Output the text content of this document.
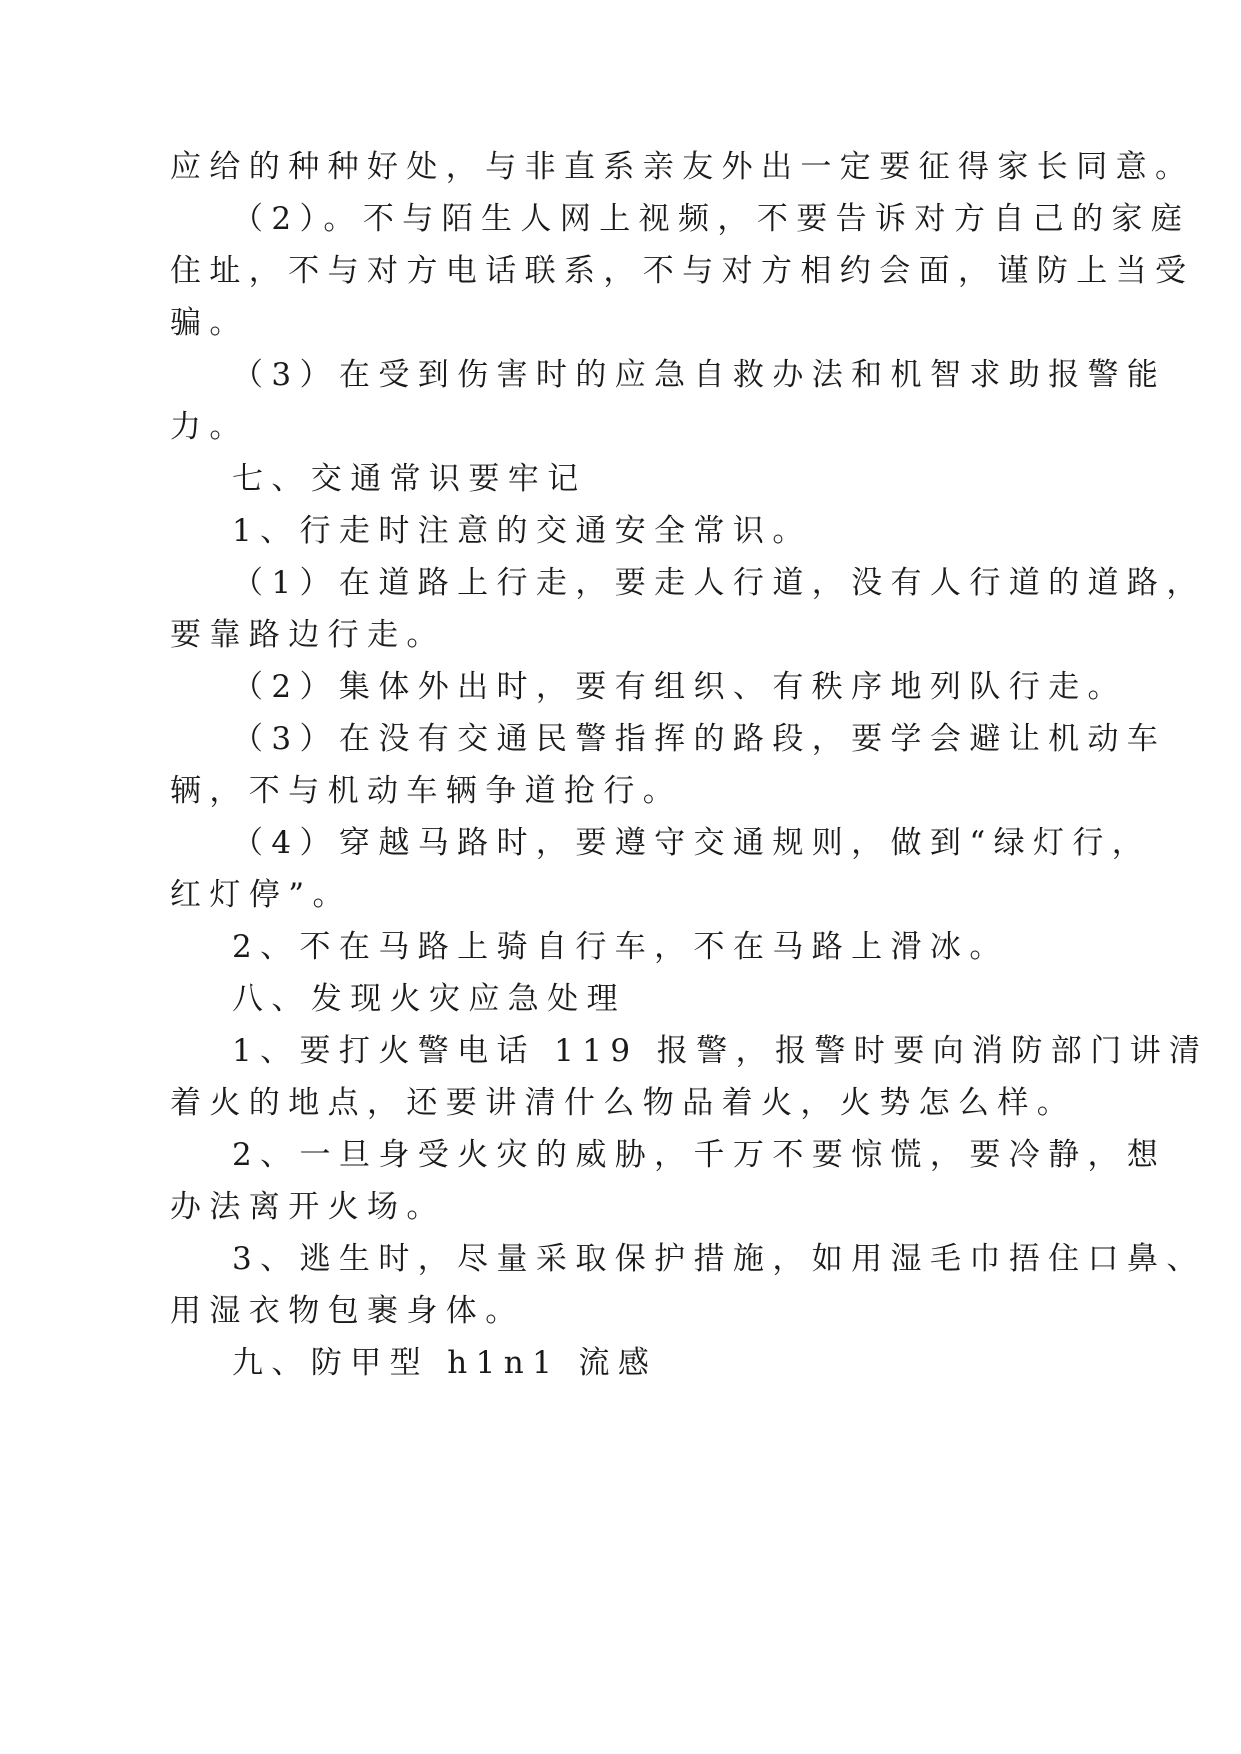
应给的种种好处，与非直系亲友外出一定要征得家长同意。

（2）。不与陌生人网上视频，不要告诉对方自己的家庭

住址，不与对方电话联系，不与对方相约会面，谨防上当受

骗。

（3）在受到伤害时的应急自救办法和机智求助报警能

力。

七、交通常识要牢记

1、行走时注意的交通安全常识。

（1）在道路上行走，要走人行道，没有人行道的道路，

要靠路边行走。

（2）集体外出时，要有组织、有秩序地列队行走。

（3）在没有交通民警指挥的路段，要学会避让机动车

辆，不与机动车辆争道抢行。

（4）穿越马路时，要遵守交通规则，做到“绿灯行，

红灯停”。

2、不在马路上骑自行车，不在马路上滑冰。

八、发现火灾应急处理

1、要打火警电话 119 报警，报警时要向消防部门讲清

着火的地点，还要讲清什么物品着火，火势怎么样。

2、一旦身受火灾的威胁，千万不要惊慌，要冷静，想

办法离开火场。

3、逃生时，尽量采取保护措施，如用湿毛巾捂住口鼻、

用湿衣物包裹身体。

九、防甲型 h1n1 流感
